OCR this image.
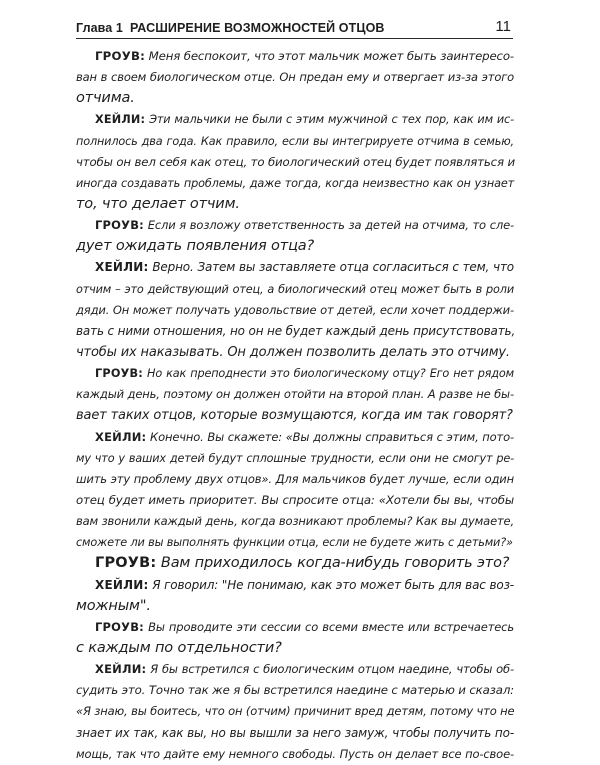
Глава 1 РАСШИРЕНИЕ ВОЗМОЖНОСТЕЙ ОТЦОВ	11
ГРОУВ: Меня беспокоит, что этот мальчик может быть заинтересо-
ван в своем биологическом отце. Он предан ему и отвергает из-за этого
отчима.
ХЕЙЛИ: Эти мальчики не были с этим мужчиной с тех пор, как им ис-
полнилось два года. Как правило, если вы интегрируете отчима в семью,
чтобы он вел себя как отец, то биологический отец будет появляться и
иногда создавать проблемы, даже тогда, когда неизвестно как он узнает
то, что делает отчим.
ГРОУВ: Если я возложу ответственность за детей на отчима, то сле-
дует ожидать появления отца?
ХЕЙЛИ: Верно. Затем вы заставляете отца согласиться с тем, что
отчим – это действующий отец, а биологический отец может быть в роли
дяди. Он может получать удовольствие от детей, если хочет поддержи-
вать с ними отношения, но он не будет каждый день присутствовать,
чтобы их наказывать. Он должен позволить делать это отчиму.
ГРОУВ: Но как преподнести это биологическому отцу? Его нет рядом
каждый день, поэтому он должен отойти на второй план. А разве не бы-
вает таких отцов, которые возмущаются, когда им так говорят?
ХЕЙЛИ: Конечно. Вы скажете: «Вы должны справиться с этим, пото-
му что у ваших детей будут сплошные трудности, если они не смогут ре-
шить эту проблему двух отцов». Для мальчиков будет лучше, если один
отец будет иметь приоритет. Вы спросите отца: «Хотели бы вы, чтобы
вам звонили каждый день, когда возникают проблемы? Как вы думаете,
сможете ли вы выполнять функции отца, если не будете жить с детьми?»
ГРОУВ: Вам приходилось когда-нибудь говорить это?
ХЕЙЛИ: Я говорил: "Не понимаю, как это может быть для вас воз-
можным".
ГРОУВ: Вы проводите эти сессии со всеми вместе или встречаетесь
с каждым по отдельности?
ХЕЙЛИ: Я бы встретился с биологическим отцом наедине, чтобы об-
судить это. Точно так же я бы встретился наедине с матерью и сказал:
«Я знаю, вы боитесь, что он (отчим) причинит вред детям, потому что не
знает их так, как вы, но вы вышли за него замуж, чтобы получить по-
мощь, так что дайте ему немного свободы. Пусть он делает все по-свое-
